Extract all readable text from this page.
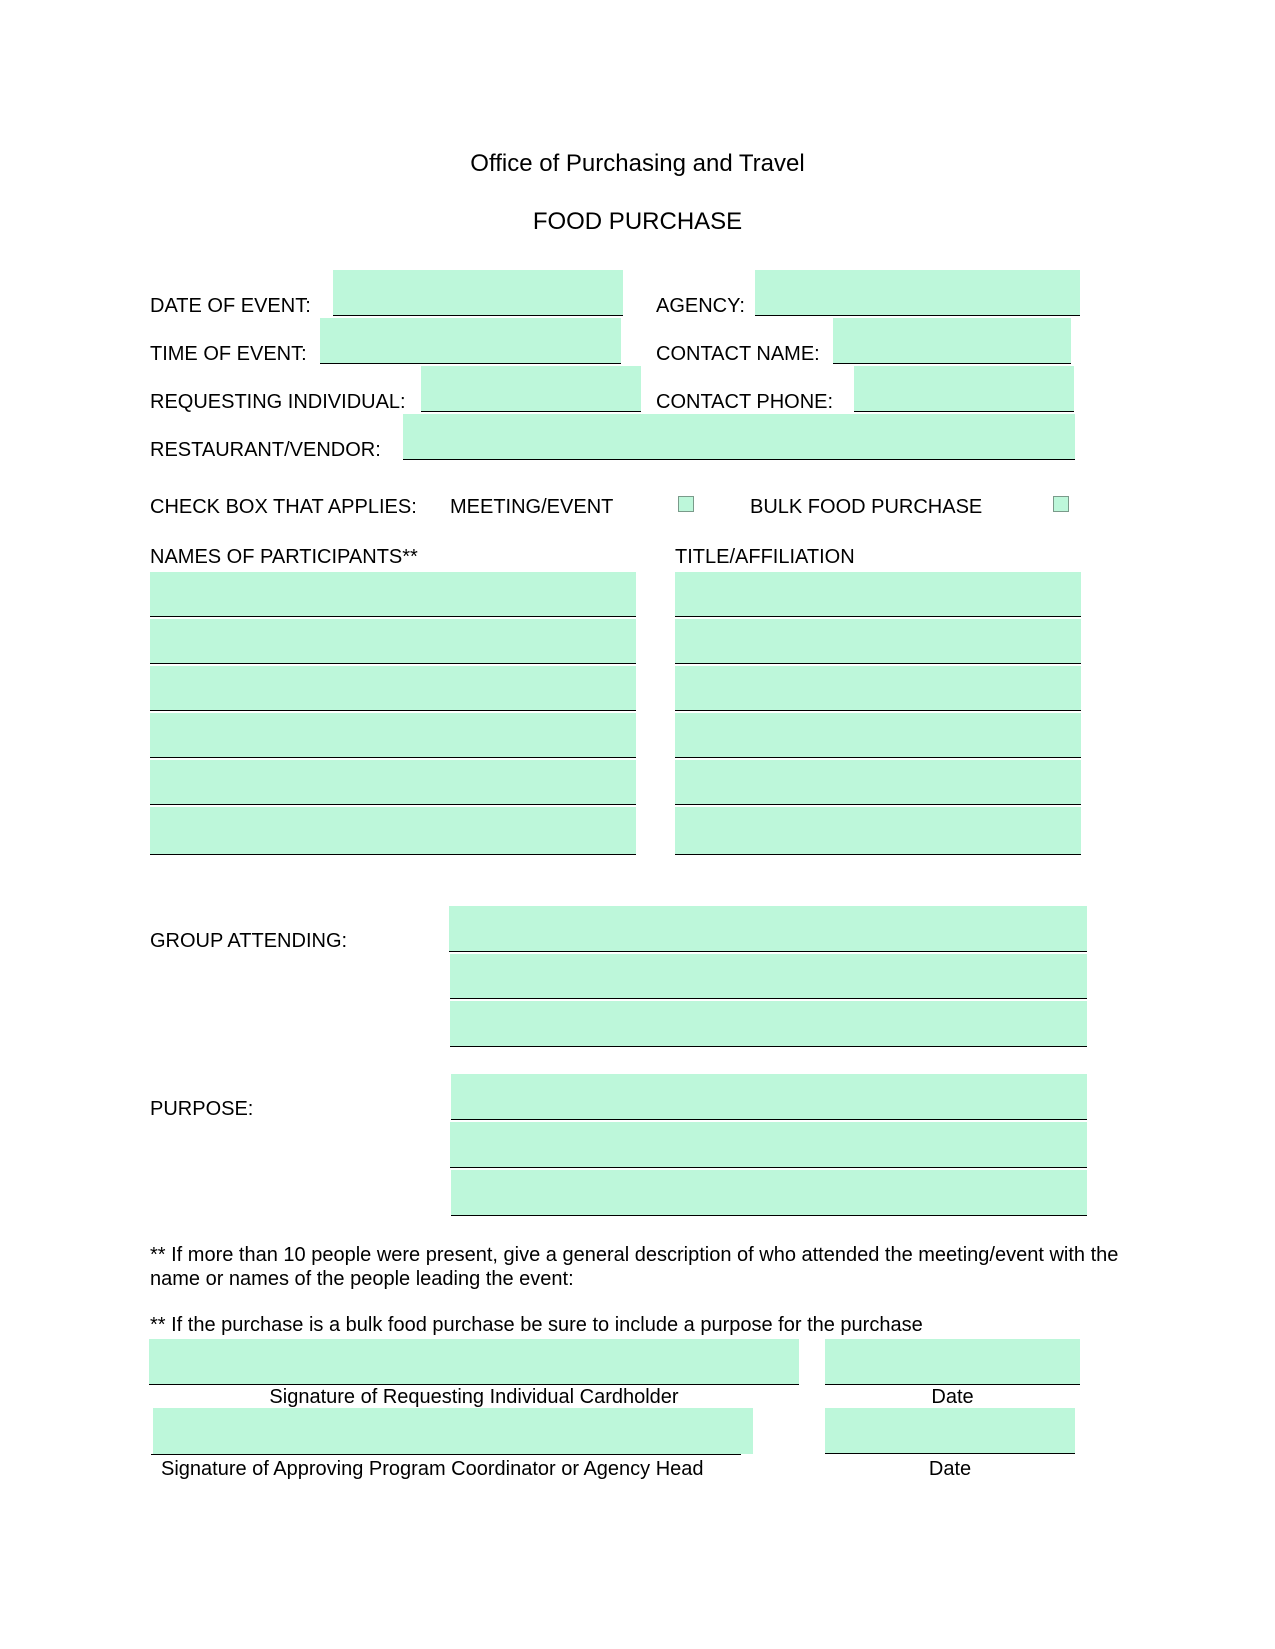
Office of Purchasing and Travel
FOOD PURCHASE
DATE OF EVENT:	AGENCY:
TIME OF EVENT:	CONTACT NAME:
REQUESTING INDIVIDUAL:	CONTACT PHONE:
RESTAURANT/VENDOR:
CHECK BOX THAT APPLIES: MEETING/EVENT	BULK FOOD PURCHASE
NAMES OF PARTICIPANTS**	TITLE/AFFILIATION
GROUP ATTENDING:
PURPOSE:
** If more than 10 people were present, give a general description of who attended the meeting/event with the name or names of the people leading the event:
** If the purchase is a bulk food purchase be sure to include a purpose for the purchase
Signature of Requesting Individual Cardholder	Date
Signature of Approving Program Coordinator or Agency Head	Date
